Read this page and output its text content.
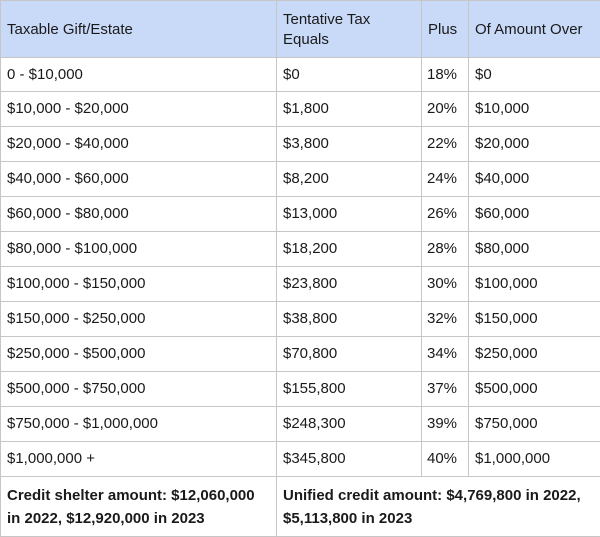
Taxable Gift/Estate	Tentative Tax Equals	Plus	Of Amount Over
0 - $10,000	$0	18%	$0
$10,000 - $20,000	$1,800	20%	$10,000
$20,000 - $40,000	$3,800	22%	$20,000
$40,000 - $60,000	$8,200	24%	$40,000
$60,000 - $80,000	$13,000	26%	$60,000
$80,000 - $100,000	$18,200	28%	$80,000
$100,000 - $150,000	$23,800	30%	$100,000
$150,000 - $250,000	$38,800	32%	$150,000
$250,000 - $500,000	$70,800	34%	$250,000
$500,000 - $750,000	$155,800	37%	$500,000
$750,000 - $1,000,000	$248,300	39%	$750,000
$1,000,000 +	$345,800	40%	$1,000,000
Credit shelter amount: $12,060,000 in 2022, $12,920,000 in 2023	Unified credit amount: $4,769,800 in 2022, $5,113,800 in 2023		
